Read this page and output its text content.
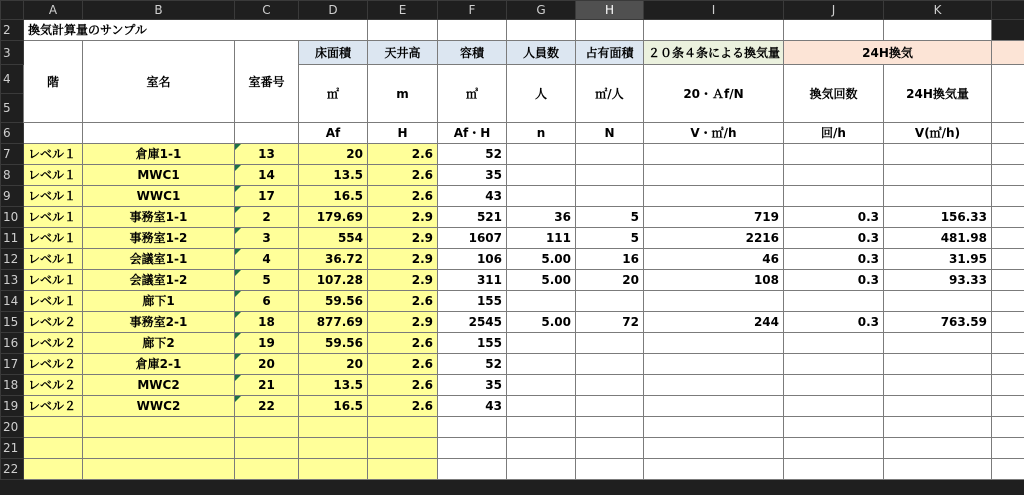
	A	B	C	D	E	F	G	H	I	J	K	
2	換気計算量のサンプル											
3	階	室名	室番号	床面積	天井高	容積	人員数	占有面積	２０条４条による換気量	24H換気		
4				㎡	m	㎥	人	㎡/人	20・Ａf/N	換気回数	24H換気量	
5												
6				Af	H	Af・H	n	N	V・㎥/h	回/h	V(㎥/h)	
7	レベル１	倉庫1-1	13	20	2.6	52						
8	レベル１	MWC1	14	13.5	2.6	35						
9	レベル１	WWC1	17	16.5	2.6	43						
10	レベル１	事務室1-1	2	179.69	2.9	521	36	5	719	0.3	156.33	
11	レベル１	事務室1-2	3	554	2.9	1607	111	5	2216	0.3	481.98	
12	レベル１	会議室1-1	4	36.72	2.9	106	5.00	16	46	0.3	31.95	
13	レベル１	会議室1-2	5	107.28	2.9	311	5.00	20	108	0.3	93.33	
14	レベル１	廊下1	6	59.56	2.6	155						
15	レベル２	事務室2-1	18	877.69	2.9	2545	5.00	72	244	0.3	763.59	
16	レベル２	廊下2	19	59.56	2.6	155						
17	レベル２	倉庫2-1	20	20	2.6	52						
18	レベル２	MWC2	21	13.5	2.6	35						
19	レベル２	WWC2	22	16.5	2.6	43						
20												
21												
22												
